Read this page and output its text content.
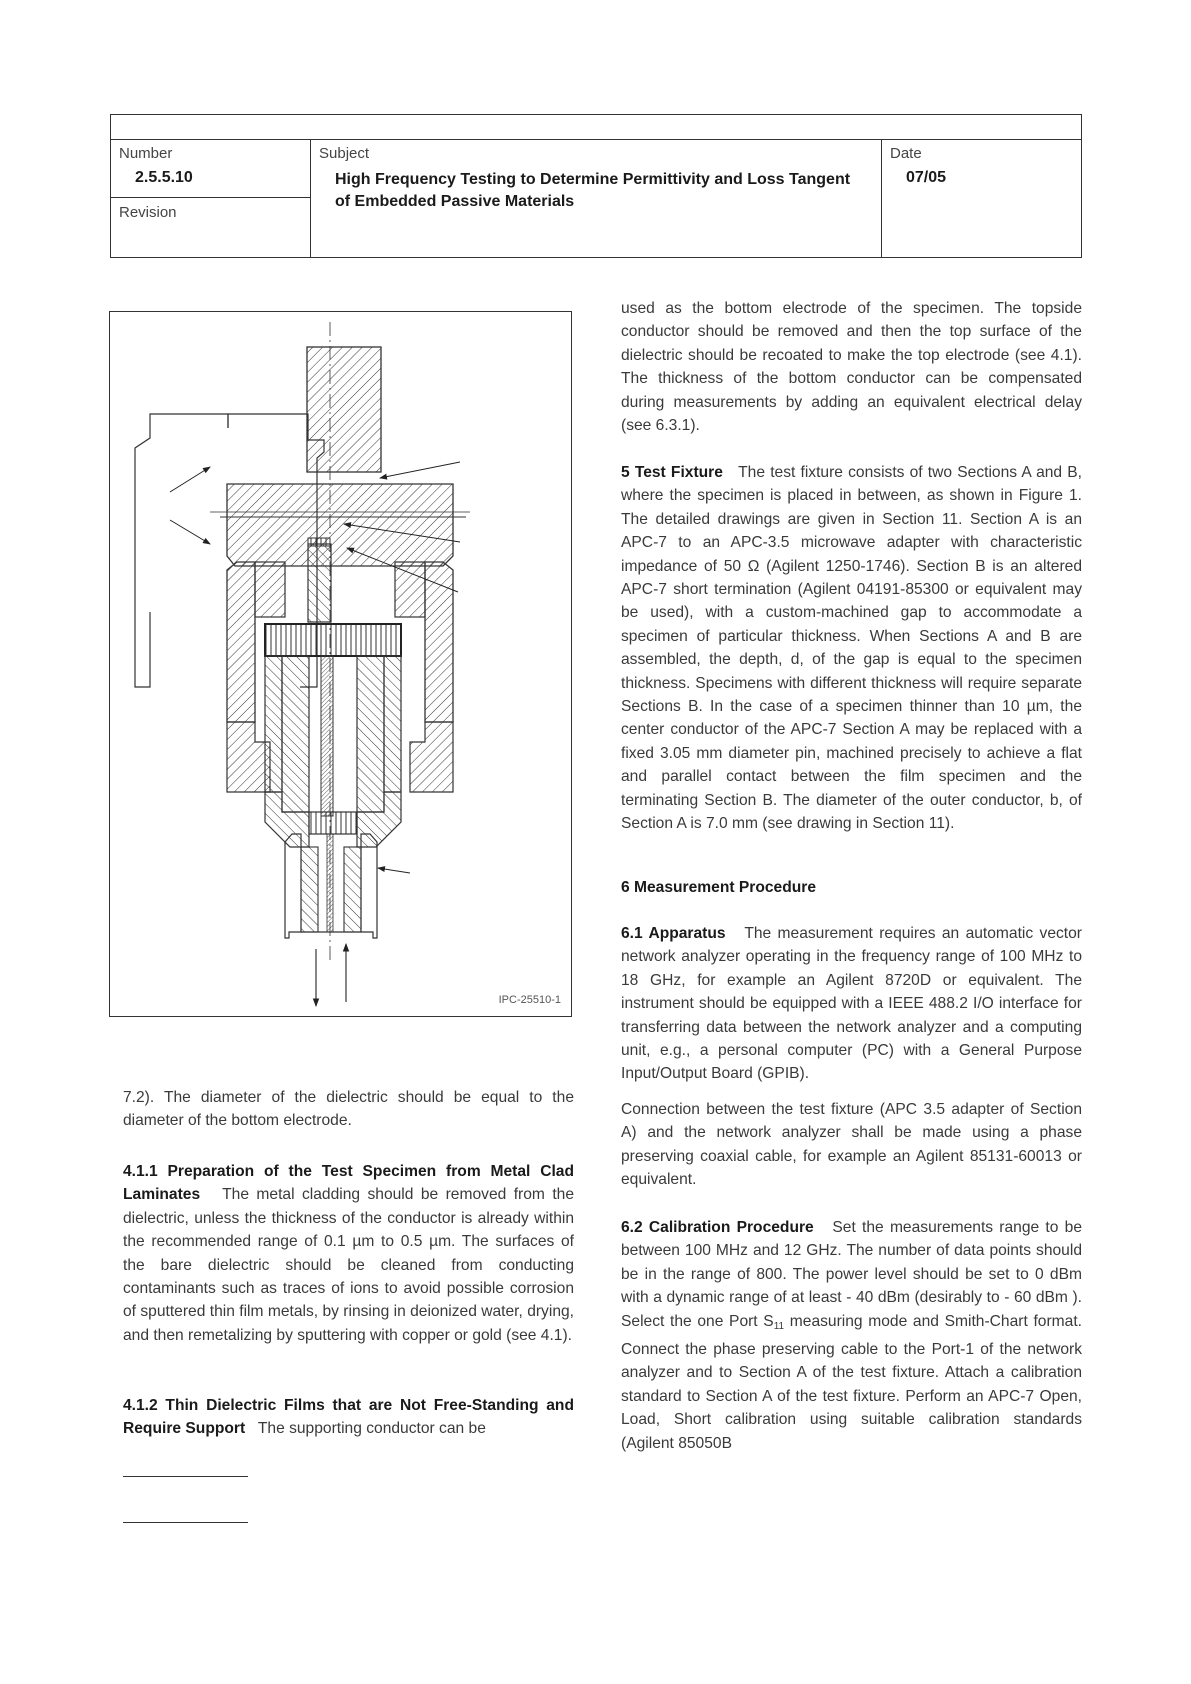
Number
2.5.5.10
Revision
Subject
High Frequency Testing to Determine Permittivity and Loss Tangent of Embedded Passive Materials
Date
07/05
IPC-25510-1

7.2). The diameter of the dielectric should be equal to the diameter of the bottom electrode.

4.1.1 Preparation of the Test Specimen from Metal Clad Laminates The metal cladding should be removed from the dielectric, unless the thickness of the conductor is already within the recommended range of 0.1 µm to 0.5 µm. The surfaces of the bare dielectric should be cleaned from conducting contaminants such as traces of ions to avoid possible corrosion of sputtered thin film metals, by rinsing in deionized water, drying, and then remetalizing by sputtering with copper or gold (see 4.1).

4.1.2 Thin Dielectric Films that are Not Free-Standing and Require Support The supporting conductor can be

used as the bottom electrode of the specimen. The topside conductor should be removed and then the top surface of the dielectric should be recoated to make the top electrode (see 4.1). The thickness of the bottom conductor can be compensated during measurements by adding an equivalent electrical delay (see 6.3.1).

5 Test Fixture The test fixture consists of two Sections A and B, where the specimen is placed in between, as shown in Figure 1. The detailed drawings are given in Section 11. Section A is an APC-7 to an APC-3.5 microwave adapter with characteristic impedance of 50 Ω (Agilent 1250-1746). Section B is an altered APC-7 short termination (Agilent 04191-85300 or equivalent may be used), with a custom-machined gap to accommodate a specimen of particular thickness. When Sections A and B are assembled, the depth, d, of the gap is equal to the specimen thickness. Specimens with different thickness will require separate Sections B. In the case of a specimen thinner than 10 µm, the center conductor of the APC-7 Section A may be replaced with a fixed 3.05 mm diameter pin, machined precisely to achieve a flat and parallel contact between the film specimen and the terminating Section B. The diameter of the outer conductor, b, of Section A is 7.0 mm (see drawing in Section 11).

6 Measurement Procedure

6.1 Apparatus The measurement requires an automatic vector network analyzer operating in the frequency range of 100 MHz to 18 GHz, for example an Agilent 8720D or equivalent. The instrument should be equipped with a IEEE 488.2 I/O interface for transferring data between the network analyzer and a computing unit, e.g., a personal computer (PC) with a General Purpose Input/Output Board (GPIB).

Connection between the test fixture (APC 3.5 adapter of Section A) and the network analyzer shall be made using a phase preserving coaxial cable, for example an Agilent 85131-60013 or equivalent.

6.2 Calibration Procedure Set the measurements range to be between 100 MHz and 12 GHz. The number of data points should be in the range of 800. The power level should be set to 0 dBm with a dynamic range of at least - 40 dBm (desirably to - 60 dBm ). Select the one Port $S_{11}$ measuring mode and Smith-Chart format. Connect the phase preserving cable to the Port-1 of the network analyzer and to Section A of the test fixture. Attach a calibration standard to Section A of the test fixture. Perform an APC-7 Open, Load, Short calibration using suitable calibration standards (Agilent 85050B
